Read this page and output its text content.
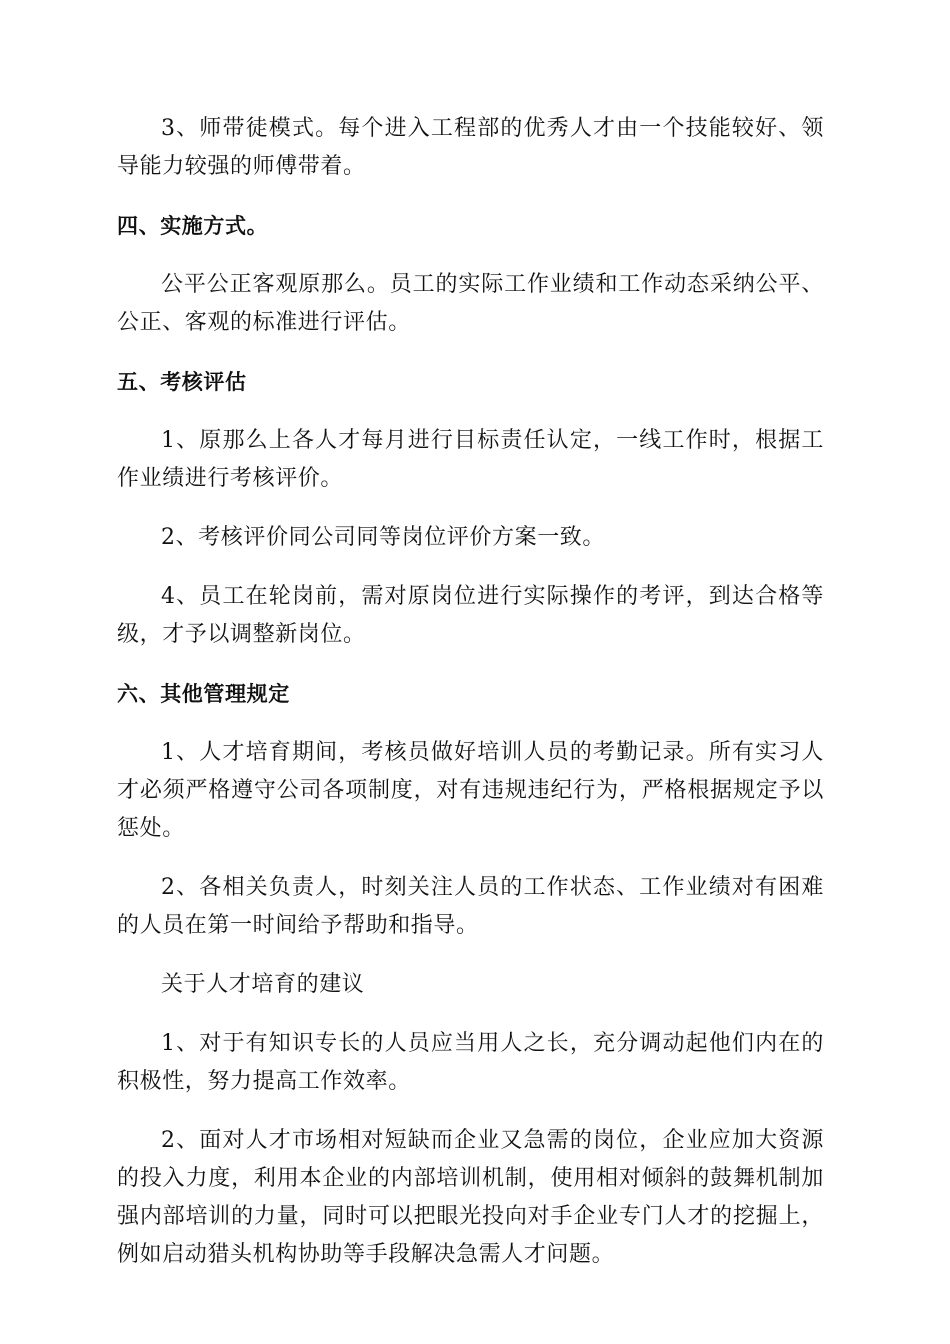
3、师带徒模式。每个进入工程部的优秀人才由一个技能较好、领导能力较强的师傅带着。

四、实施方式。

公平公正客观原那么。员工的实际工作业绩和工作动态采纳公平、公正、客观的标准进行评估。

五、考核评估

1、原那么上各人才每月进行目标责任认定，一线工作时，根据工作业绩进行考核评价。

2、考核评价同公司同等岗位评价方案一致。

4、员工在轮岗前，需对原岗位进行实际操作的考评，到达合格等级，才予以调整新岗位。

六、其他管理规定

1、人才培育期间，考核员做好培训人员的考勤记录。所有实习人才必须严格遵守公司各项制度，对有违规违纪行为，严格根据规定予以惩处。

2、各相关负责人，时刻关注人员的工作状态、工作业绩对有困难的人员在第一时间给予帮助和指导。

关于人才培育的建议

1、对于有知识专长的人员应当用人之长，充分调动起他们内在的积极性，努力提高工作效率。

2、面对人才市场相对短缺而企业又急需的岗位，企业应加大资源的投入力度，利用本企业的内部培训机制，使用相对倾斜的鼓舞机制加强内部培训的力量，同时可以把眼光投向对手企业专门人才的挖掘上，例如启动猎头机构协助等手段解决急需人才问题。
